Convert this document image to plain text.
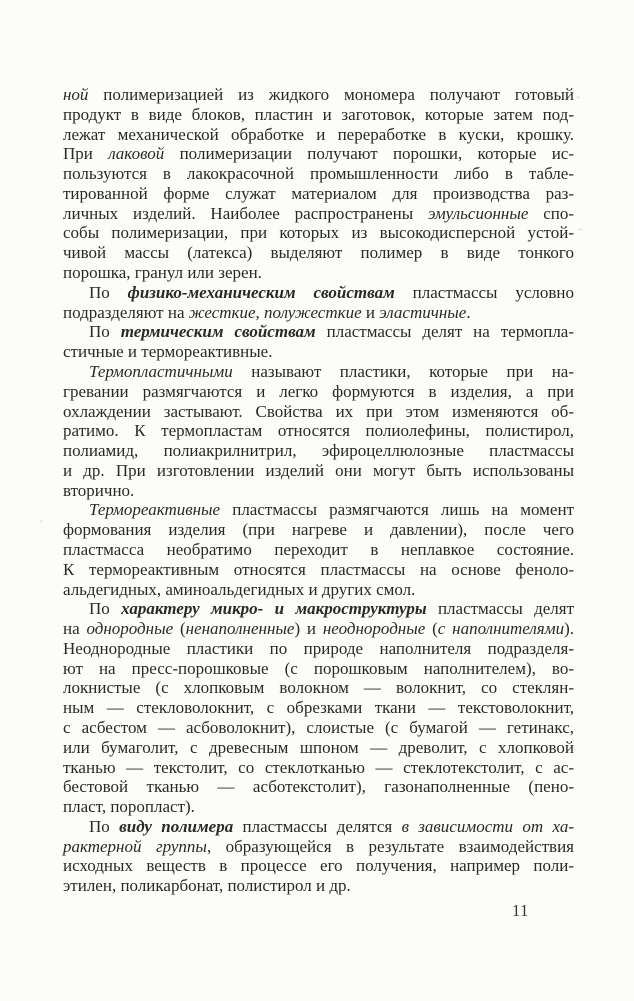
ной полимеризацией из жидкого мономера получают готовый
продукт в виде блоков, пластин и заготовок, которые затем под-
лежат механической обработке и переработке в куски, крошку.
При лаковой полимеризации получают порошки, которые ис-
пользуются в лакокрасочной промышленности либо в табле-
тированной форме служат материалом для производства раз-
личных изделий. Наиболее распространены эмульсионные спо-
собы полимеризации, при которых из высокодисперсной устой-
чивой массы (латекса) выделяют полимер в виде тонкого
порошка, гранул или зерен.
По физико-механическим свойствам пластмассы условно
подразделяют на жесткие, полужесткие и эластичные.
По термическим свойствам пластмассы делят на термопла-
стичные и термореактивные.
Термопластичными называют пластики, которые при на-
гревании размягчаются и легко формуются в изделия, а при
охлаждении застывают. Свойства их при этом изменяются об-
ратимо. К термопластам относятся полиолефины, полистирол,
полиамид, полиакрилнитрил, эфироцеллюлозные пластмассы
и др. При изготовлении изделий они могут быть использованы
вторично.
Термореактивные пластмассы размягчаются лишь на момент
формования изделия (при нагреве и давлении), после чего
пластмасса необратимо переходит в неплавкое состояние.
К термореактивным относятся пластмассы на основе феноло-
альдегидных, аминоальдегидных и других смол.
По характеру микро- и макроструктуры пластмассы делят
на однородные (ненаполненные) и неоднородные (с наполнителями).
Неоднородные пластики по природе наполнителя подразделя-
ют на пресс-порошковые (с порошковым наполнителем), во-
локнистые (с хлопковым волокном — волокнит, со стеклян-
ным — стекловолокнит, с обрезками ткани — текстоволокнит,
с асбестом — асбоволокнит), слоистые (с бумагой — гетинакс,
или бумаголит, с древесным шпоном — древолит, с хлопковой
тканью — текстолит, со стеклотканью — стеклотекстолит, с ас-
бестовой тканью — асботекстолит), газонаполненные (пено-
пласт, поропласт).
По виду полимера пластмассы делятся в зависимости от ха-
рактерной группы, образующейся в результате взаимодействия
исходных веществ в процессе его получения, например поли-
этилен, поликарбонат, полистирол и др.
11
